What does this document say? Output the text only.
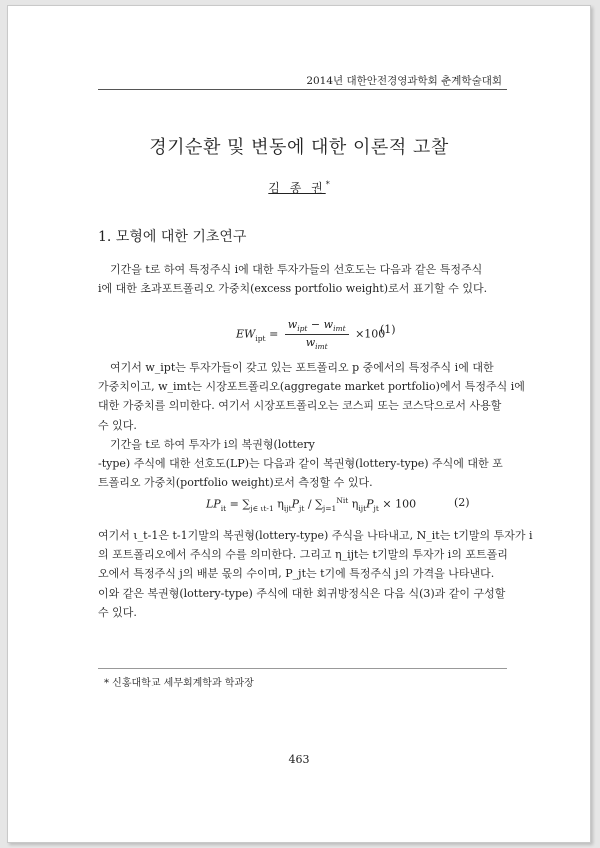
2014년 대한안전경영과학회 춘계학술대회
경기순환 및 변동에 대한 이론적 고찰
김 종 권*
1. 모형에 대한 기초연구
기간을 t로 하여 특정주식 i에 대한 투자가들의 선호도는 다음과 같은 특정주식
i에 대한 초과포트폴리오 가중치(excess portfolio weight)로서 표기할 수 있다.
$EW_{ipt} = \frac{w_{ipt} - w_{imt}}{w_{imt}} \times 100$
(1)
여기서 w_ipt는 투자가들이 갖고 있는 포트폴리오 p 중에서의 특정주식 i에 대한
가중치이고, w_imt는 시장포트폴리오(aggregate market portfolio)에서 특정주식 i에
대한 가중치를 의미한다. 여기서 시장포트폴리오는 코스피 또는 코스닥으로서 사용할
수 있다.
기간을 t로 하여 투자가 i의 복권형(lottery
-type) 주식에 대한 선호도(LP)는 다음과 같이 복권형(lottery-type) 주식에 대한 포
트폴리오 가중치(portfolio weight)로서 측정할 수 있다.
$LP_{it} = \sum_{j\in \iota t-1}$ $\eta_{ijt}P_{jt} / \sum_{j=1}^{Nit}$ $\eta_{ijt}P_{jt} \times 100$	(2)
여기서 ι_t-1은 t-1기말의 복권형(lottery-type) 주식을 나타내고, N_it는 t기말의 투자가 i
의 포트폴리오에서 주식의 수를 의미한다. 그리고 η_ijt는 t기말의 투자가 i의 포트폴리
오에서 특정주식 j의 배분 몫의 수이며, P_jt는 t기에 특정주식 j의 가격을 나타낸다.
이와 같은 복권형(lottery-type) 주식에 대한 회귀방정식은 다음 식(3)과 같이 구성할
수 있다.
* 신홍대학교 세무회계학과 학과장
463
